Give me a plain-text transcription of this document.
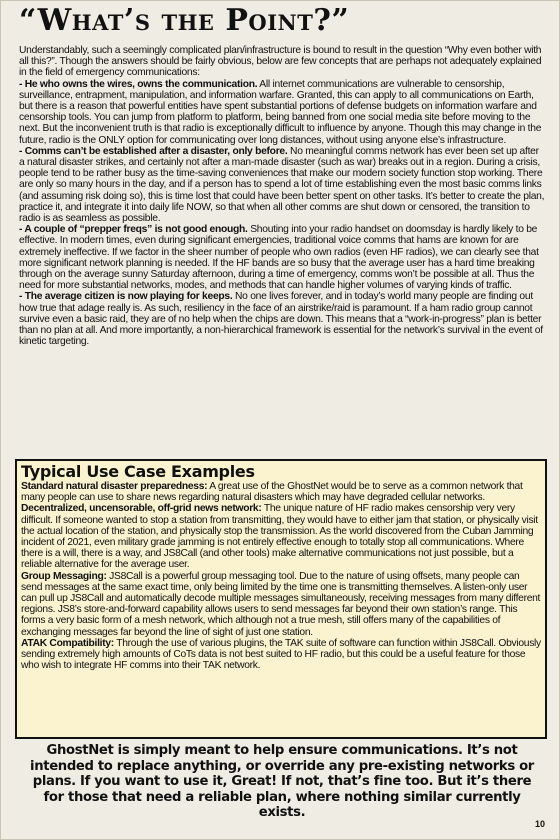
“What’s the Point?”

Understandably, such a seemingly complicated plan/infrastructure is bound to result in the question “Why even bother with all this?”. Though the answers should be fairly obvious, below are few concepts that are perhaps not adequately explained in the field of emergency communications:

- He who owns the wires, owns the communication. All internet communications are vulnerable to censorship, surveillance, entrapment, manipulation, and information warfare. Granted, this can apply to all communications on Earth, but there is a reason that powerful entities have spent substantial portions of defense budgets on information warfare and censorship tools. You can jump from platform to platform, being banned from one social media site before moving to the next. But the inconvenient truth is that radio is exceptionally difficult to influence by anyone. Though this may change in the future, radio is the ONLY option for communicating over long distances, without using anyone else’s infrastructure.

- Comms can’t be established after a disaster, only before. No meaningful comms network has ever been set up after a natural disaster strikes, and certainly not after a man-made disaster (such as war) breaks out in a region. During a crisis, people tend to be rather busy as the time-saving conveniences that make our modern society function stop working. There are only so many hours in the day, and if a person has to spend a lot of time establishing even the most basic comms links (and assuming risk doing so), this is time lost that could have been better spent on other tasks. It’s better to create the plan, practice it, and integrate it into daily life NOW, so that when all other comms are shut down or censored, the transition to radio is as seamless as possible.

- A couple of “prepper freqs” is not good enough. Shouting into your radio handset on doomsday is hardly likely to be effective. In modern times, even during significant emergencies, traditional voice comms that hams are known for are extremely ineffective. If we factor in the sheer number of people who own radios (even HF radios), we can clearly see that more significant network planning is needed. If the HF bands are so busy that the average user has a hard time breaking through on the average sunny Saturday afternoon, during a time of emergency, comms won’t be possible at all. Thus the need for more substantial networks, modes, and methods that can handle higher volumes of varying kinds of traffic.

- The average citizen is now playing for keeps. No one lives forever, and in today’s world many people are finding out how true that adage really is. As such, resiliency in the face of an airstrike/raid is paramount. If a ham radio group cannot survive even a basic raid, they are of no help when the chips are down. This means that a “work-in-progress” plan is better than no plan at all. And more importantly, a non-hierarchical framework is essential for the network’s survival in the event of kinetic targeting.

Typical Use Case Examples

Standard natural disaster preparedness: A great use of the GhostNet would be to serve as a common network that many people can use to share news regarding natural disasters which may have degraded cellular networks.

Decentralized, uncensorable, off-grid news network: The unique nature of HF radio makes censorship very very difficult. If someone wanted to stop a station from transmitting, they would have to either jam that station, or physically visit the actual location of the station, and physically stop the transmission. As the world discovered from the Cuban Jamming incident of 2021, even military grade jamming is not entirely effective enough to totally stop all communications. Where there is a will, there is a way, and JS8Call (and other tools) make alternative communications not just possible, but a reliable alternative for the average user.

Group Messaging: JS8Call is a powerful group messaging tool. Due to the nature of using offsets, many people can send messages at the same exact time, only being limited by the time one is transmitting themselves. A listen-only user can pull up JS8Call and automatically decode multiple messages simultaneously, receiving messages from many different regions. JS8’s store-and-forward capability allows users to send messages far beyond their own station’s range. This forms a very basic form of a mesh network, which although not a true mesh, still offers many of the capabilities of exchanging messages far beyond the line of sight of just one station.

ATAK Compatibility: Through the use of various plugins, the TAK suite of software can function within JS8Call. Obviously sending extremely high amounts of CoTs data is not best suited to HF radio, but this could be a useful feature for those who wish to integrate HF comms into their TAK network.

GhostNet is simply meant to help ensure communications. It’s not intended to replace anything, or override any pre-existing networks or plans. If you want to use it, Great! If not, that’s fine too. But it’s there for those that need a reliable plan, where nothing similar currently exists.
10
